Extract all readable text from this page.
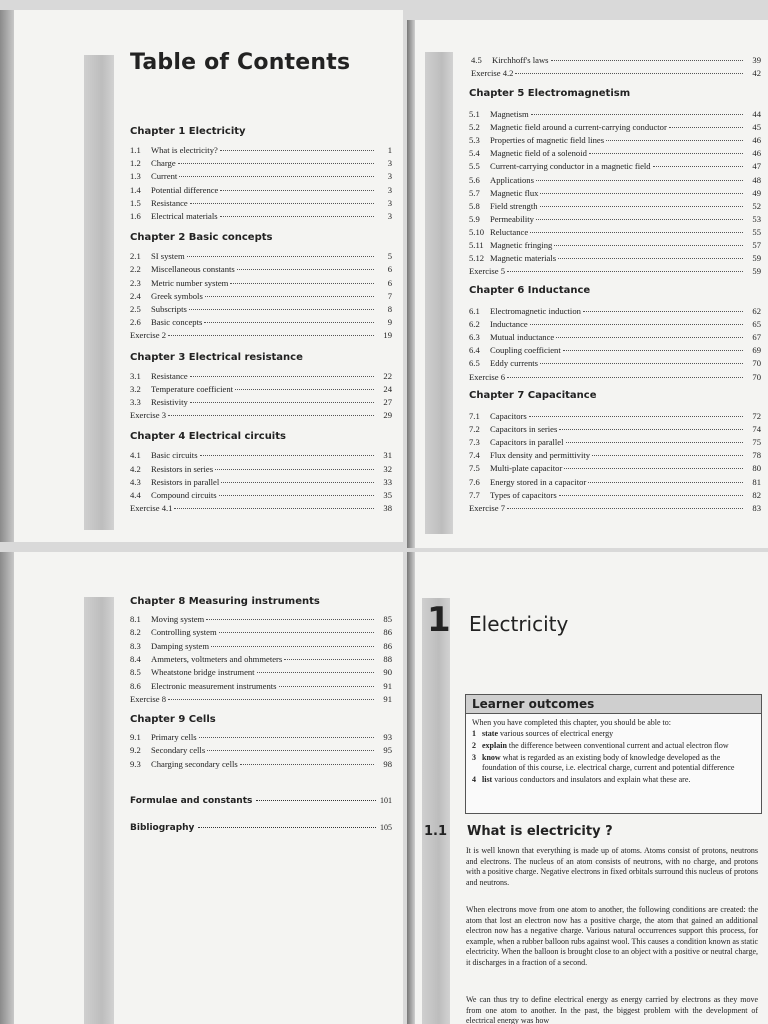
Table of Contents
Chapter 1 Electricity
1.1	What is electricity?	1
1.2	Charge	3
1.3	Current	3
1.4	Potential difference	3
1.5	Resistance	3
1.6	Electrical materials	3
Chapter 2 Basic concepts
2.1	SI system	5
2.2	Miscellaneous constants	6
2.3	Metric number system	6
2.4	Greek symbols	7
2.5	Subscripts	8
2.6	Basic concepts	9
Exercise 2	19
Chapter 3 Electrical resistance
3.1	Resistance	22
3.2	Temperature coefficient	24
3.3	Resistivity	27
Exercise 3	29
Chapter 4 Electrical circuits
4.1	Basic circuits	31
4.2	Resistors in series	32
4.3	Resistors in parallel	33
4.4	Compound circuits	35
Exercise 4.1	38
4.5	Kirchhoff's laws	39
Exercise 4.2	42
Chapter 5 Electromagnetism
5.1	Magnetism	44
5.2	Magnetic field around a current-carrying conductor	45
5.3	Properties of magnetic field lines	46
5.4	Magnetic field of a solenoid	46
5.5	Current-carrying conductor in a magnetic field	47
5.6	Applications	48
5.7	Magnetic flux	49
5.8	Field strength	52
5.9	Permeability	53
5.10 Reluctance	55
5.11 Magnetic fringing	57
5.12 Magnetic materials	59
Exercise 5	59
Chapter 6 Inductance
6.1	Electromagnetic induction	62
6.2	Inductance	65
6.3	Mutual inductance	67
6.4	Coupling coefficient	69
6.5	Eddy currents	70
Exercise 6	70
Chapter 7 Capacitance
7.1	Capacitors	72
7.2	Capacitors in series	74
7.3	Capacitors in parallel	75
7.4	Flux density and permittivity	78
7.5	Multi-plate capacitor	80
7.6	Energy stored in a capacitor	81
7.7	Types of capacitors	82
Exercise 7	83
Chapter 8 Measuring instruments
8.1	Moving system	85
8.2	Controlling system	86
8.3	Damping system	86
8.4	Ammeters, voltmeters and ohmmeters	88
8.5	Wheatstone bridge instrument	90
8.6	Electronic measurement instruments	91
Exercise 8	91
Chapter 9 Cells
9.1	Primary cells	93
9.2	Secondary cells	95
9.3	Charging secondary cells	98
Formulae and constants	101
Bibliography	105
1 Electricity
Learner outcomes
When you have completed this chapter, you should be able to:
1 state various sources of electrical energy
2 explain the difference between conventional current and actual electron flow
3 know what is regarded as an existing body of knowledge developed as the foundation of this course, i.e. electrical charge, current and potential difference
4 list various conductors and insulators and explain what these are.
1.1 What is electricity ?
It is well known that everything is made up of atoms. Atoms consist of protons, neutrons and electrons. The nucleus of an atom consists of neutrons, with no charge, and protons with a positive charge. Negative electrons in fixed orbitals surround this nucleus of protons and neutrons.
When electrons move from one atom to another, the following conditions are created: the atom that lost an electron now has a positive charge, the atom that gained an additional electron now has a negative charge. Various natural occurrences support this process, for example, when a rubber balloon rubs against wool. This causes a condition known as static electricity. When the balloon is brought close to an object with a positive or neutral charge, it discharges in a fraction of a second.
We can thus try to define electrical energy as energy carried by electrons as they move from one atom to another. In the past, the biggest problem with the development of electrical energy was how
